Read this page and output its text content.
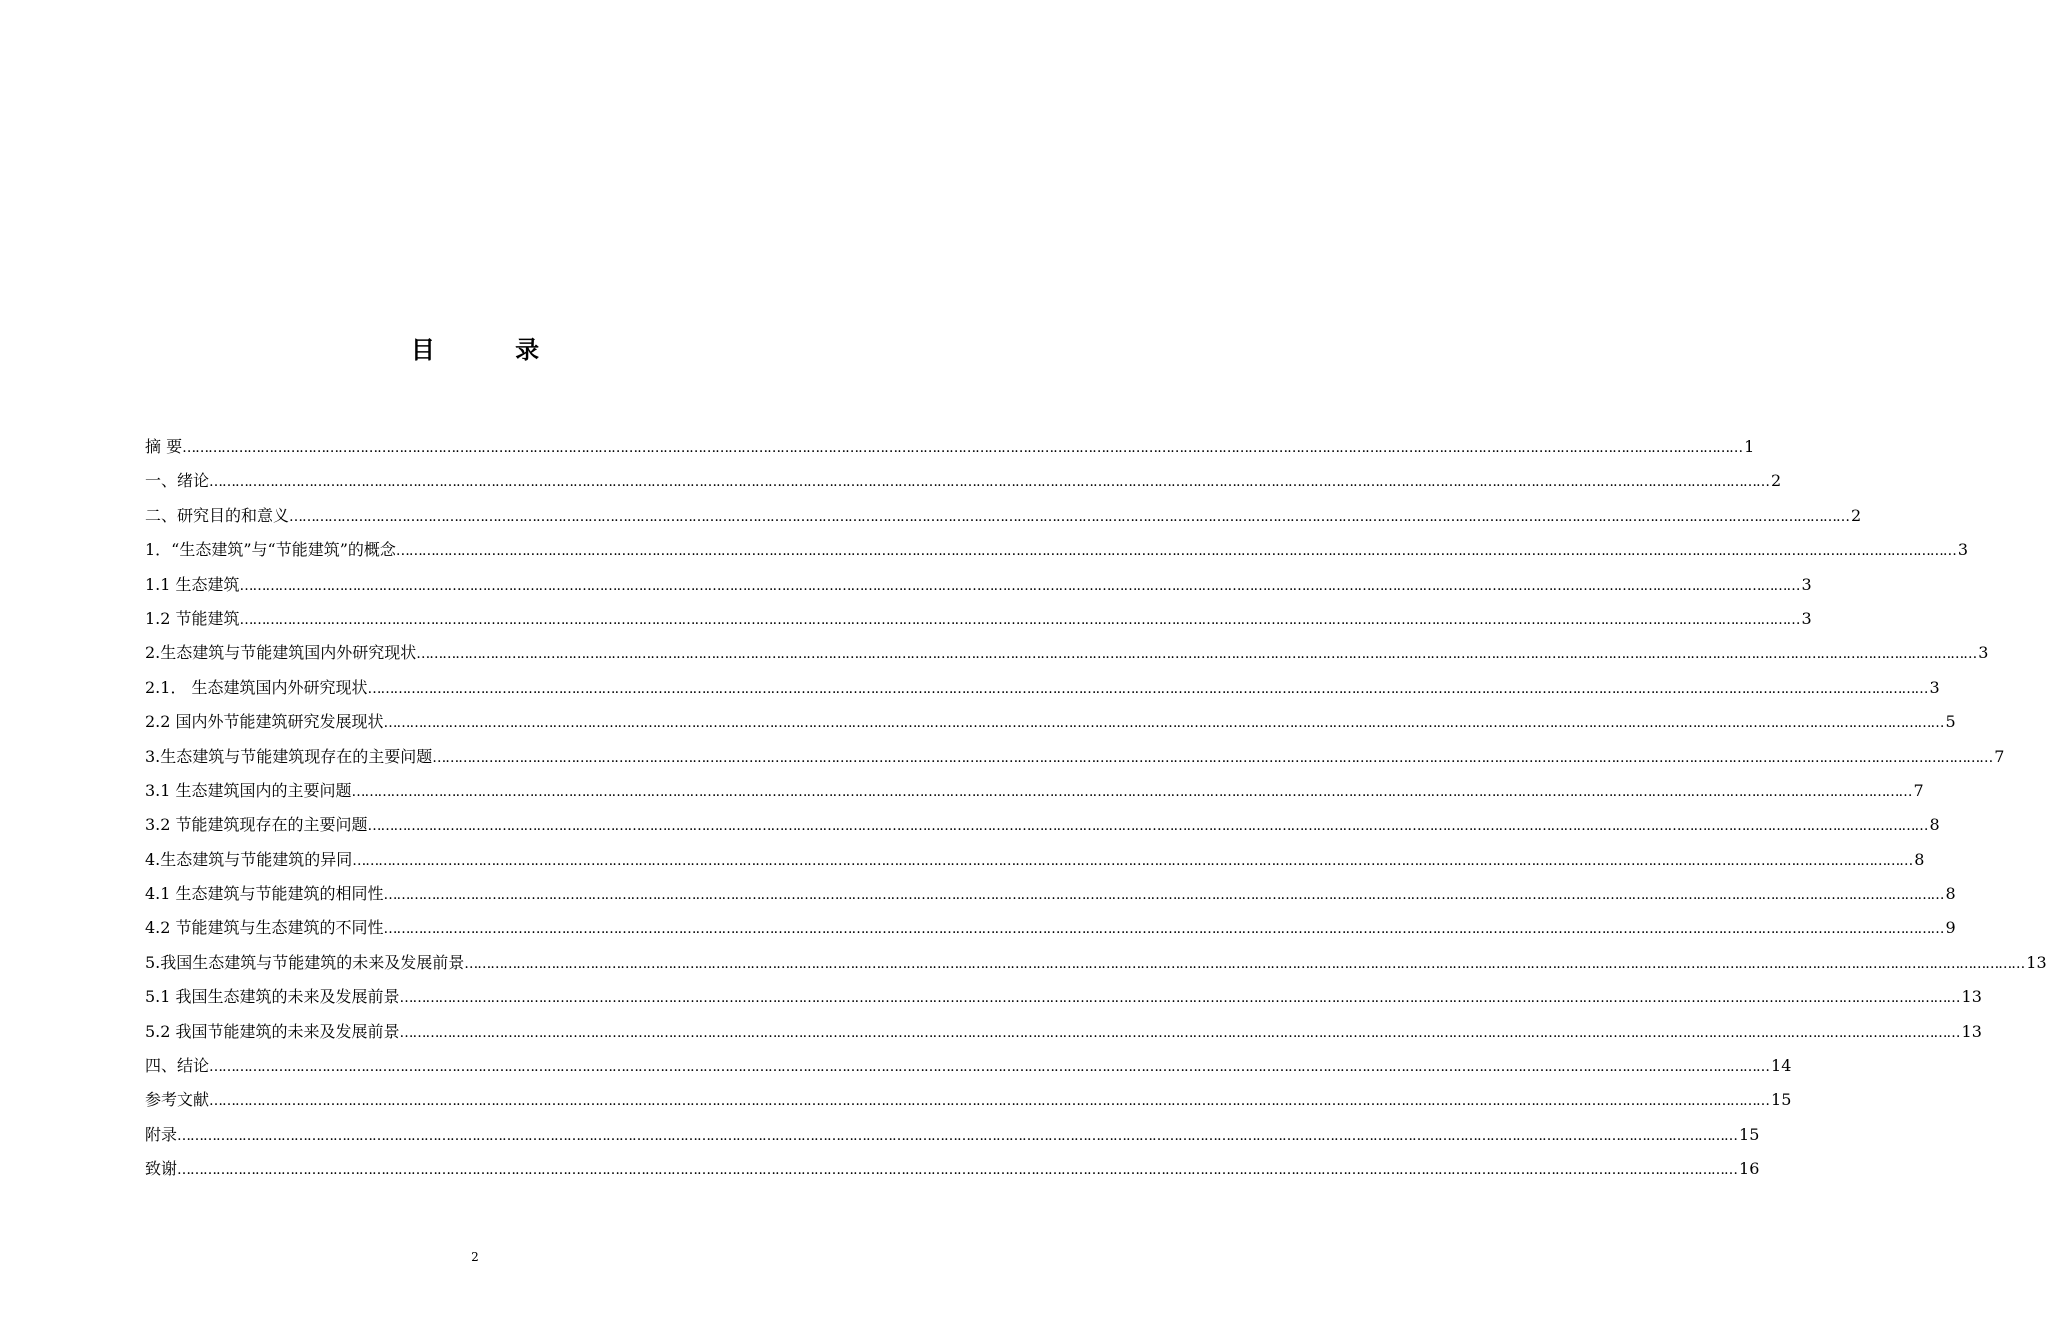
目 录
摘 要 ……………………………………………………………………………………………………………………………………………………………………………………………………………………………………………………………………………………………………………………………… 1
一、绪论 ……………………………………………………………………………………………………………………………………………………………………………………………………………………………………………………………………………………………………………………………… 2
二、研究目的和意义 ……………………………………………………………………………………………………………………………………………………………………………………………………………………………………………………………………………………………………………………………… 2
1．“生态建筑”与“节能建筑”的概念 ……………………………………………………………………………………………………………………………………………………………………………………………………………………………………………………………………………………………………………………………… 3
1.1 生态建筑 ……………………………………………………………………………………………………………………………………………………………………………………………………………………………………………………………………………………………………………………………… 3
1.2 节能建筑 ……………………………………………………………………………………………………………………………………………………………………………………………………………………………………………………………………………………………………………………………… 3
2.生态建筑与节能建筑国内外研究现状 ……………………………………………………………………………………………………………………………………………………………………………………………………………………………………………………………………………………………………………………………… 3
2.1． 生态建筑国内外研究现状 ……………………………………………………………………………………………………………………………………………………………………………………………………………………………………………………………………………………………………………………………… 3
2.2 国内外节能建筑研究发展现状 ……………………………………………………………………………………………………………………………………………………………………………………………………………………………………………………………………………………………………………………………… 5
3.生态建筑与节能建筑现存在的主要问题 ……………………………………………………………………………………………………………………………………………………………………………………………………………………………………………………………………………………………………………………………… 7
3.1 生态建筑国内的主要问题 ……………………………………………………………………………………………………………………………………………………………………………………………………………………………………………………………………………………………………………………………… 7
3.2 节能建筑现存在的主要问题 ……………………………………………………………………………………………………………………………………………………………………………………………………………………………………………………………………………………………………………………………… 8
4.生态建筑与节能建筑的异同 ……………………………………………………………………………………………………………………………………………………………………………………………………………………………………………………………………………………………………………………………… 8
4.1 生态建筑与节能建筑的相同性 ……………………………………………………………………………………………………………………………………………………………………………………………………………………………………………………………………………………………………………………………… 8
4.2 节能建筑与生态建筑的不同性 ……………………………………………………………………………………………………………………………………………………………………………………………………………………………………………………………………………………………………………………………… 9
5.我国生态建筑与节能建筑的未来及发展前景 ……………………………………………………………………………………………………………………………………………………………………………………………………………………………………………………………………………………………………………………………… 13
5.1 我国生态建筑的未来及发展前景 ……………………………………………………………………………………………………………………………………………………………………………………………………………………………………………………………………………………………………………………………… 13
5.2 我国节能建筑的未来及发展前景 ……………………………………………………………………………………………………………………………………………………………………………………………………………………………………………………………………………………………………………………………… 13
四、结论 ……………………………………………………………………………………………………………………………………………………………………………………………………………………………………………………………………………………………………………………………… 14
参考文献 ……………………………………………………………………………………………………………………………………………………………………………………………………………………………………………………………………………………………………………………………… 15
附录 ……………………………………………………………………………………………………………………………………………………………………………………………………………………………………………………………………………………………………………………………… 15
致谢 ……………………………………………………………………………………………………………………………………………………………………………………………………………………………………………………………………………………………………………………………… 16
2
